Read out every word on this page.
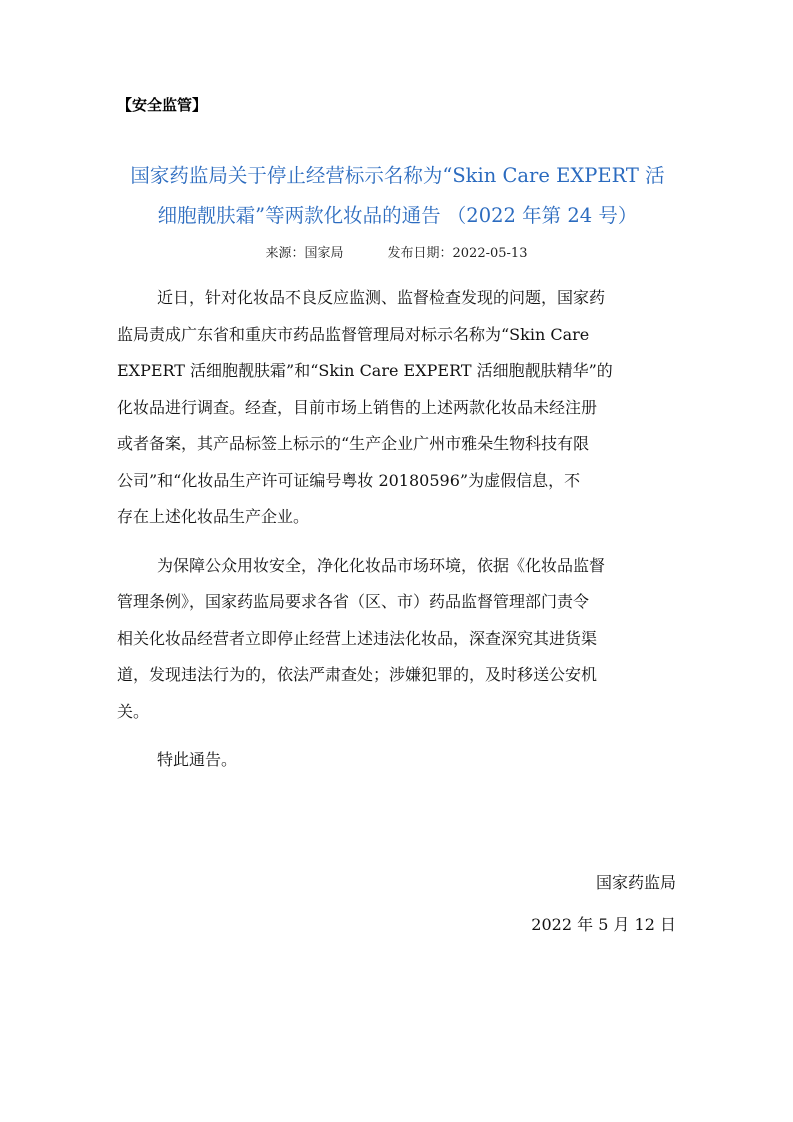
【安全监管】
国家药监局关于停止经营标示名称为“Skin Care EXPERT 活
细胞靓肤霜”等两款化妆品的通告 （2022 年第 24 号）
来源：国家局	发布日期：2022-05-13
近日，针对化妆品不良反应监测、监督检查发现的问题，国家药
监局责成广东省和重庆市药品监督管理局对标示名称为“Skin Care
EXPERT 活细胞靓肤霜”和“Skin Care EXPERT 活细胞靓肤精华”的
化妆品进行调查。经查，目前市场上销售的上述两款化妆品未经注册
或者备案，其产品标签上标示的“生产企业广州市雅朵生物科技有限
公司”和“化妆品生产许可证编号粤妆 20180596”为虚假信息，不
存在上述化妆品生产企业。
为保障公众用妆安全，净化化妆品市场环境，依据《化妆品监督
管理条例》，国家药监局要求各省（区、市）药品监督管理部门责令
相关化妆品经营者立即停止经营上述违法化妆品，深查深究其进货渠
道，发现违法行为的，依法严肃查处；涉嫌犯罪的，及时移送公安机
关。
特此通告。
国家药监局
2022 年 5 月 12 日
